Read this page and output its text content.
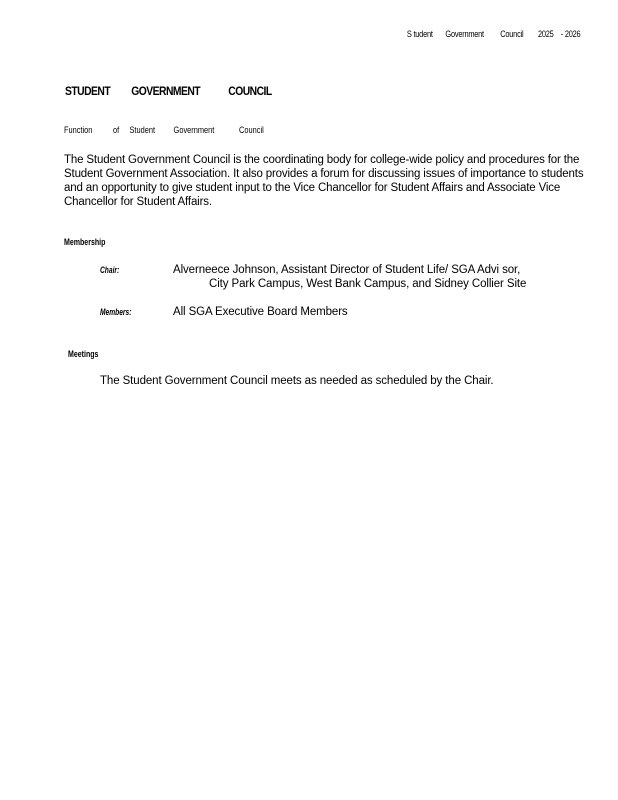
S tudent       Government         Council        2025    - 2026
STUDENT         GOVERNMENT            COUNCIL
Function          of     Student         Government            Council
The Student Government Council is the coordinating body for college-wide policy and procedures for the Student Government Association. It also provides a forum for discussing issues of importance to students and an opportunity to give student input to the Vice Chancellor for Student Affairs and Associate Vice Chancellor for Student Affairs.
Membership
Chair:	Alverneece Johnson, Assistant Director of Student Life/ SGA Advi sor,
City Park Campus, West Bank Campus, and Sidney Collier Site
Members:	All SGA Executive Board Members
Meetings
The Student Government Council meets as needed as scheduled by the Chair.
